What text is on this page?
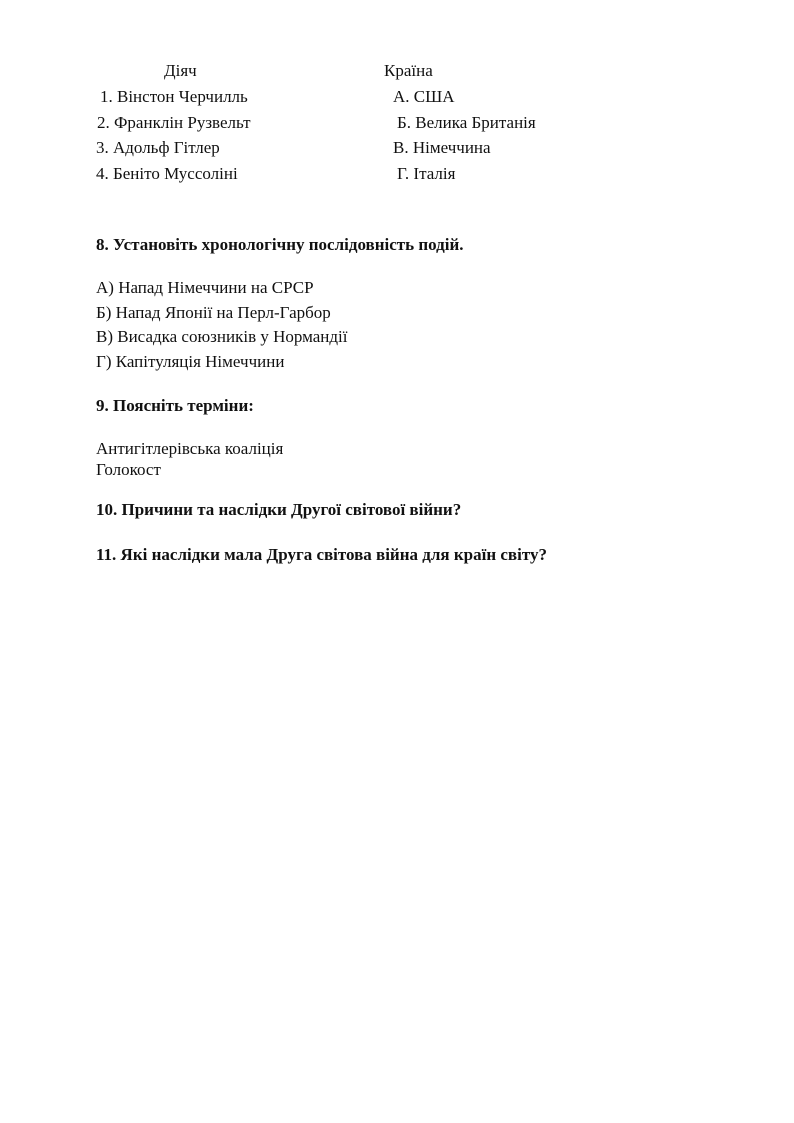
Діяч	Країна
1. Вінстон Черчилль
2. Франклін Рузвельт
3. Адольф Гітлер
4. Беніто Муссоліні
А. США
Б. Велика Британія
В. Німеччина
Г. Італія
8. Установіть хронологічну послідовність подій.
А) Напад Німеччини на СРСР
Б) Напад Японії на Перл-Гарбор
В) Висадка союзників у Нормандії
Г) Капітуляція Німеччини
9. Поясніть терміни:
Антигітлерівська коаліція
Голокост
10. Причини та наслідки Другої світової війни?
11. Які наслідки мала Друга світова війна для країн світу?
